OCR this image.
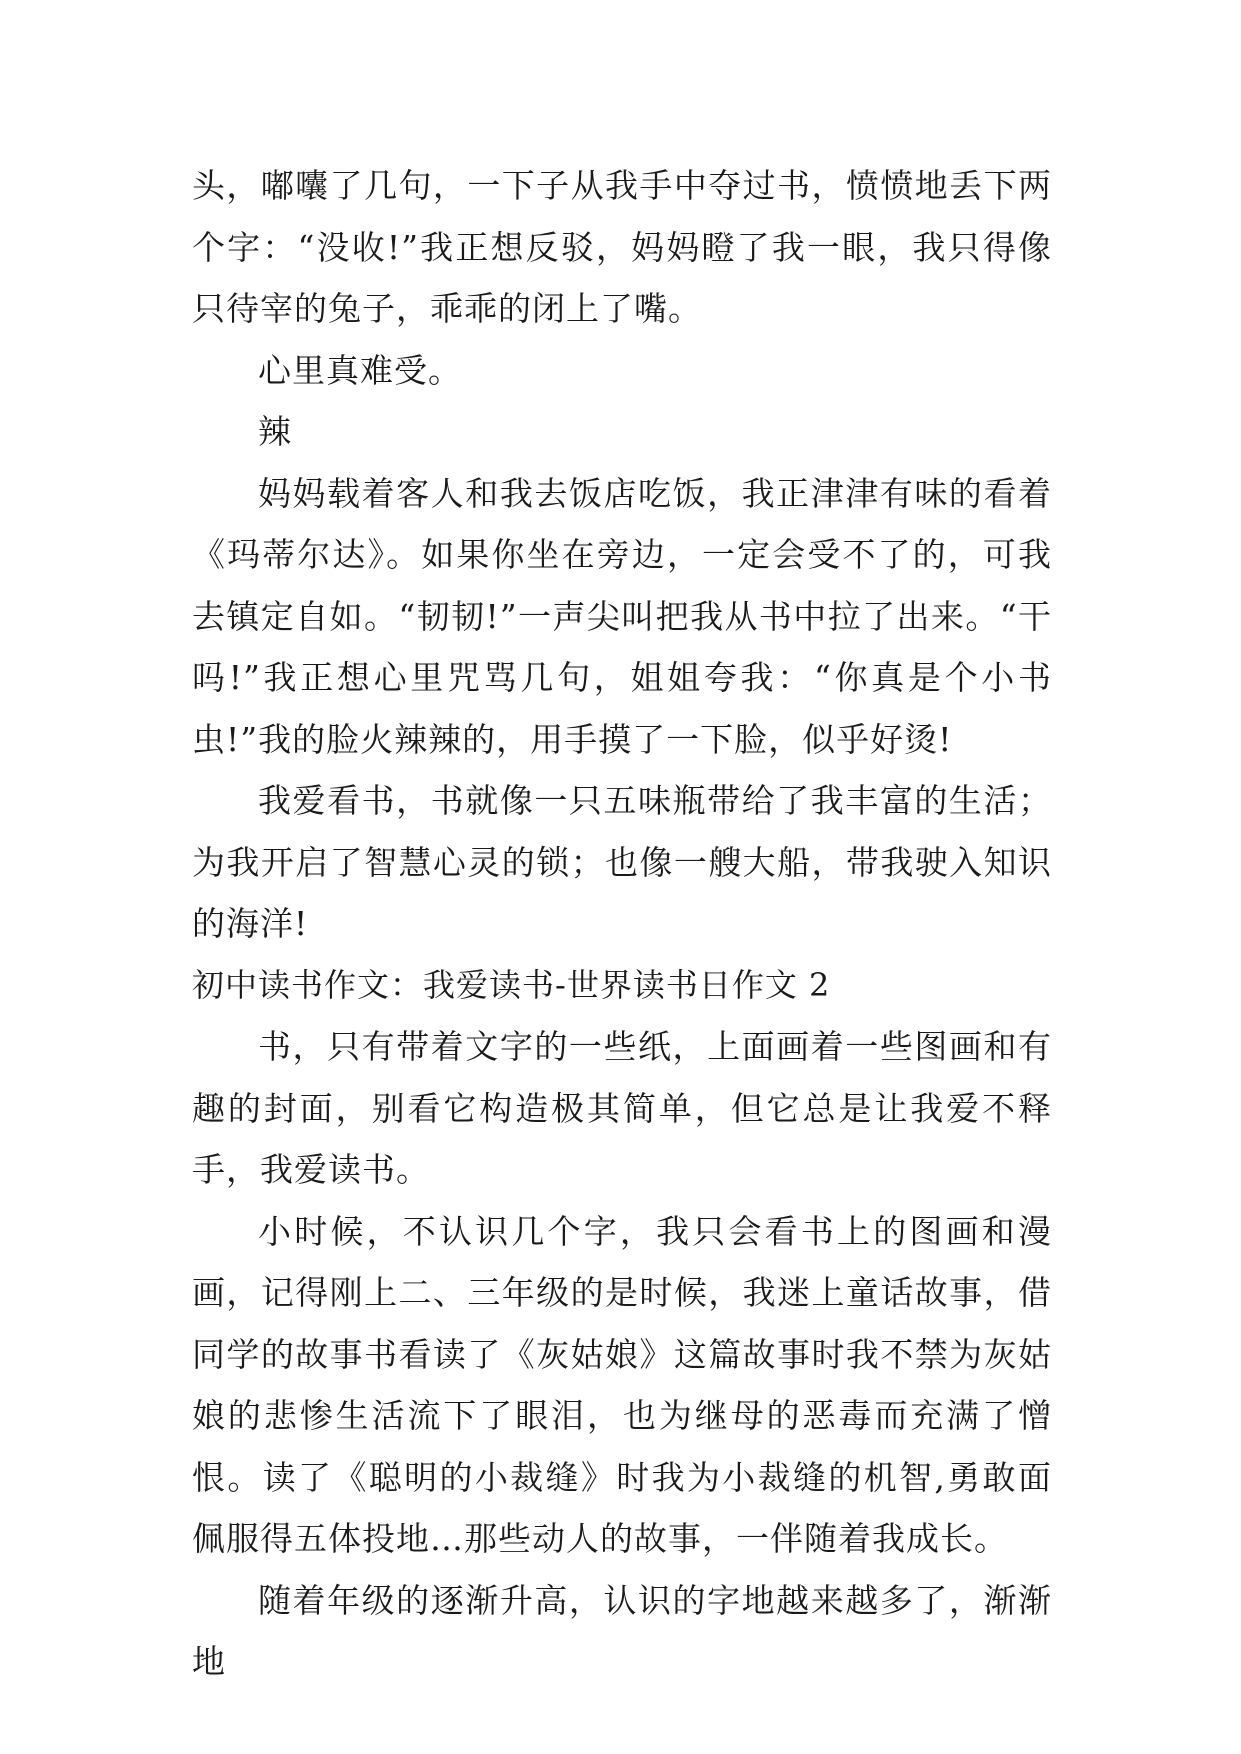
头，嘟囔了几句，一下子从我手中夺过书，愤愤地丢下两个字：“没收!”我正想反驳，妈妈瞪了我一眼，我只得像只待宰的兔子，乖乖的闭上了嘴。

心里真难受。

辣

妈妈载着客人和我去饭店吃饭，我正津津有味的看着《玛蒂尔达》。如果你坐在旁边，一定会受不了的，可我去镇定自如。“韧韧!”一声尖叫把我从书中拉了出来。“干吗!”我正想心里咒骂几句，姐姐夸我：“你真是个小书虫!”我的脸火辣辣的，用手摸了一下脸，似乎好烫!

我爱看书，书就像一只五味瓶带给了我丰富的生活；为我开启了智慧心灵的锁；也像一艘大船，带我驶入知识的海洋!

初中读书作文：我爱读书-世界读书日作文 2

书，只有带着文字的一些纸，上面画着一些图画和有趣的封面，别看它构造极其简单，但它总是让我爱不释手，我爱读书。

小时候，不认识几个字，我只会看书上的图画和漫画，记得刚上二、三年级的是时候，我迷上童话故事，借同学的故事书看读了《灰姑娘》这篇故事时我不禁为灰姑娘的悲惨生活流下了眼泪，也为继母的恶毒而充满了憎恨。读了《聪明的小裁缝》时我为小裁缝的机智,勇敢面佩服得五体投地…那些动人的故事，一伴随着我成长。

随着年级的逐渐升高，认识的字地越来越多了，渐渐地
